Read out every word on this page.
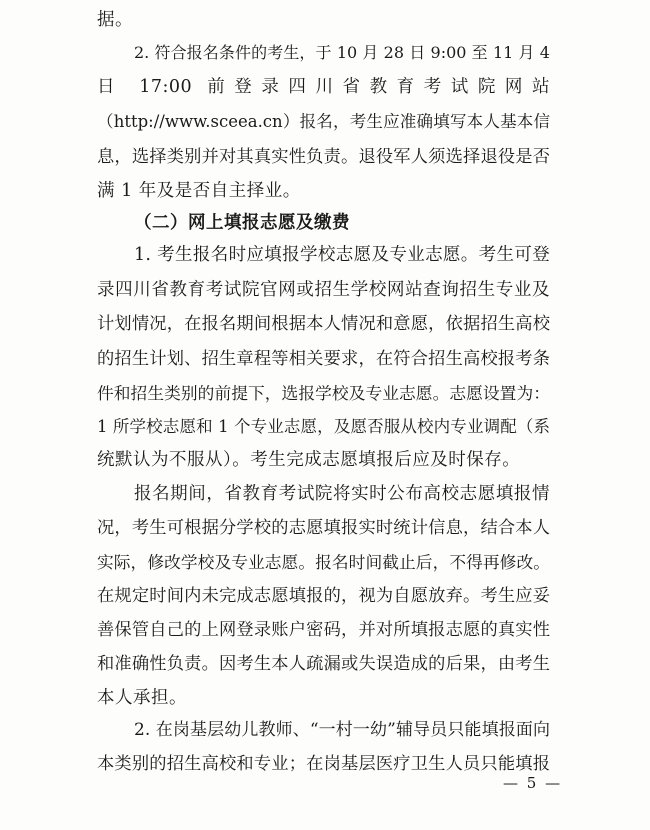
据。

2. 符合报名条件的考生，于 10 月 28 日 9:00 至 11 月 4

日 17:00 前登录四川省教育考试院网站

（http://www.sceea.cn）报名，考生应准确填写本人基本信

息，选择类别并对其真实性负责。退役军人须选择退役是否

满 1 年及是否自主择业。

（二）网上填报志愿及缴费

1. 考生报名时应填报学校志愿及专业志愿。考生可登

录四川省教育考试院官网或招生学校网站查询招生专业及

计划情况，在报名期间根据本人情况和意愿，依据招生高校

的招生计划、招生章程等相关要求，在符合招生高校报考条

件和招生类别的前提下，选报学校及专业志愿。志愿设置为：

1 所学校志愿和 1 个专业志愿，及愿否服从校内专业调配（系

统默认为不服从）。考生完成志愿填报后应及时保存。

报名期间，省教育考试院将实时公布高校志愿填报情

况，考生可根据分学校的志愿填报实时统计信息，结合本人

实际，修改学校及专业志愿。报名时间截止后，不得再修改。

在规定时间内未完成志愿填报的，视为自愿放弃。考生应妥

善保管自己的上网登录账户密码，并对所填报志愿的真实性

和准确性负责。因考生本人疏漏或失误造成的后果，由考生

本人承担。

2. 在岗基层幼儿教师、“一村一幼”辅导员只能填报面向

本类别的招生高校和专业；在岗基层医疗卫生人员只能填报

— 5 —
